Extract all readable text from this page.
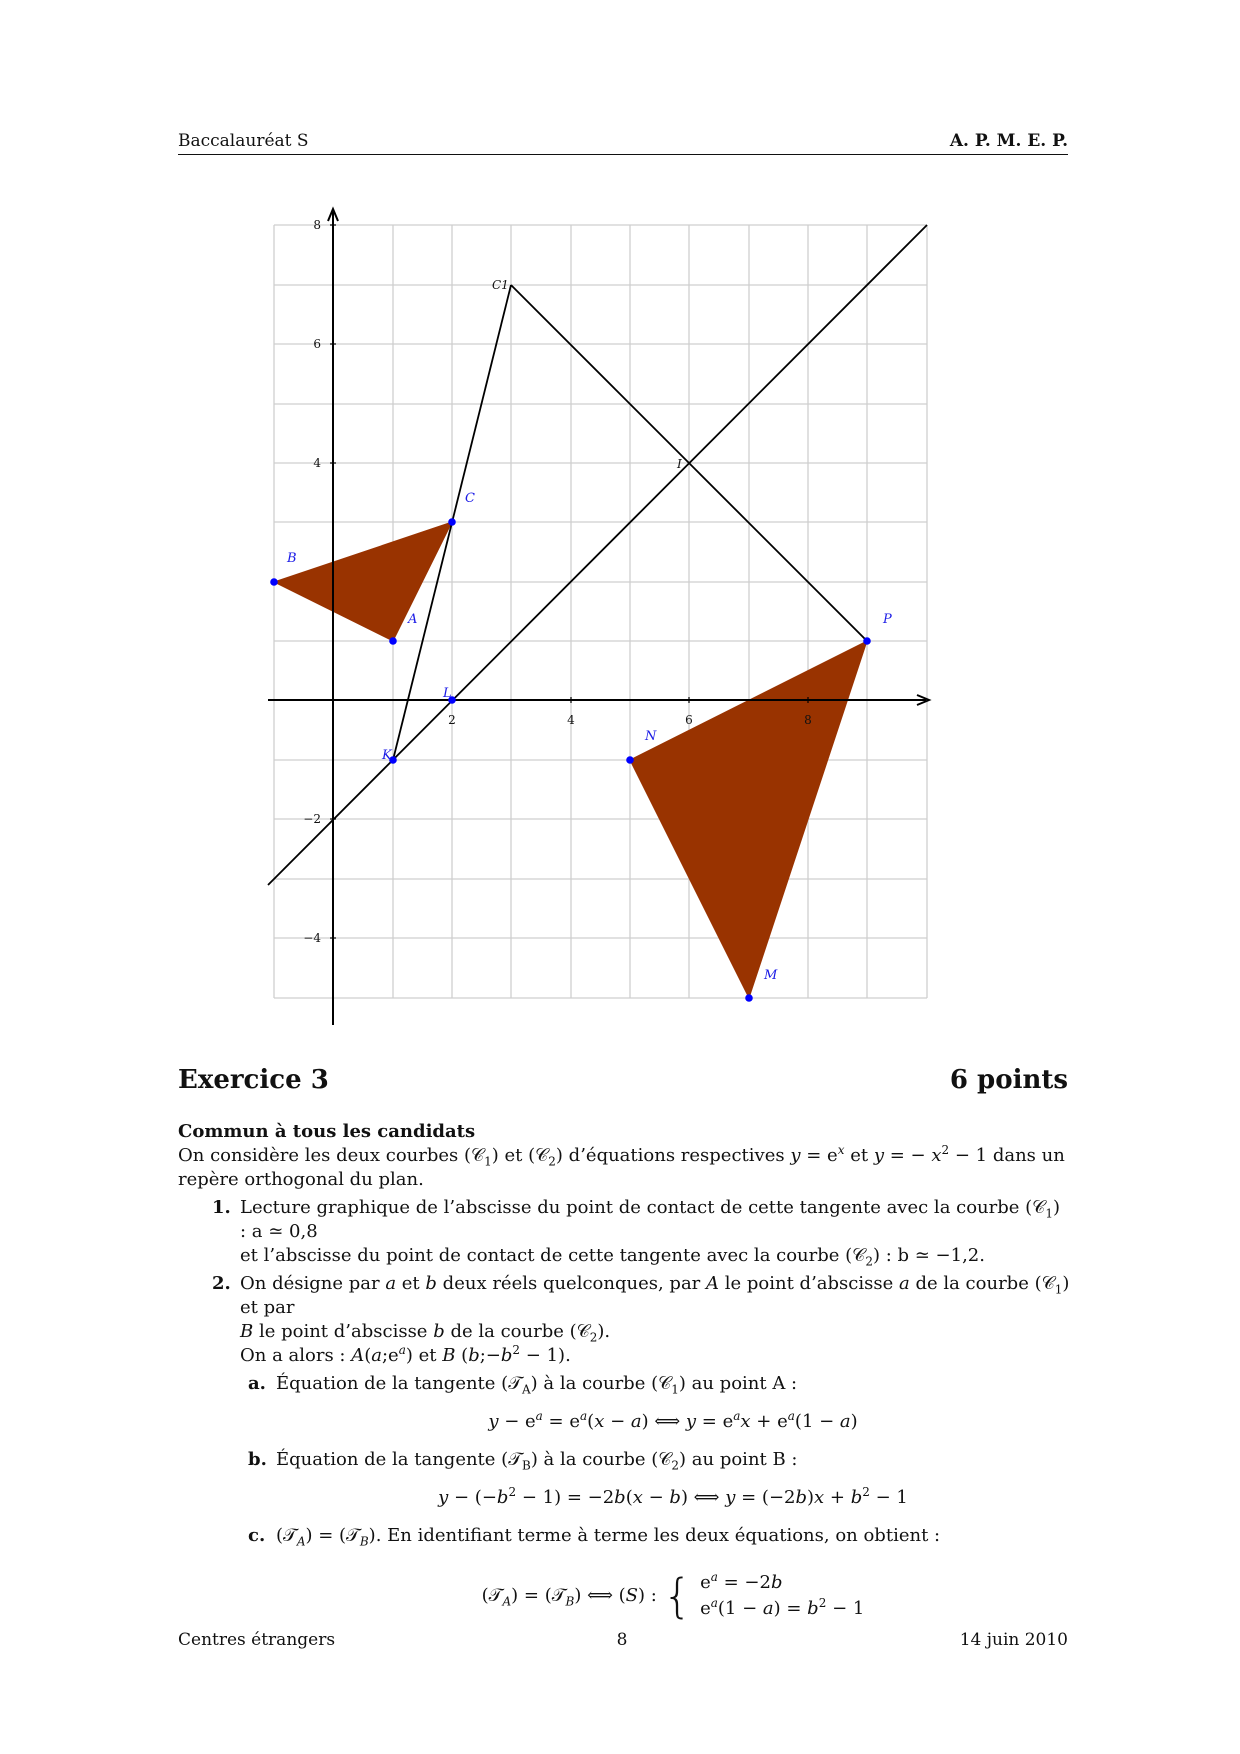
Baccalauréat S	A. P. M. E. P.
2	4	6	8
8
6
4
−2
−4
B
A
C
L
K
N
M
P
C1
I
Exercice 3	6 points

Commun à tous les candidats

On considère les deux courbes (𝒞$_1$) et (𝒞$_2$) d’équations respectives $y = e^x$ et y = − $x^2 - 1$ dans un repère orthogonal du plan.

1. Lecture graphique de l’abscisse du point de contact de cette tangente avec la courbe (𝒞$_1$) : a ≃ 0,8
et l’abscisse du point de contact de cette tangente avec la courbe (𝒞$_2$) : b ≃ −1,2.
2. On désigne par a et b deux réels quelconques, par A le point d’abscisse a de la courbe (𝒞$_1$) et par
B le point d’abscisse b de la courbe (𝒞$_2$).
On a alors : $A(a;e^a)$ et B $(b;-b^2 - 1)$.
a. Équation de la tangente (𝒯$_A$) à la courbe (𝒞$_1$) au point A :
$y - e^a = e^a(x - a)$ ⟺ $y = e^ax + e^a(1 - a)$
b. Équation de la tangente (𝒯$_B$) à la courbe (𝒞$_2$) au point B :
$y - (-b^2 - 1) = -2b(x - b)$ ⟺ $y = (-2b)x + b^2 - 1$
c. (𝒯$_A$) = (𝒯$_B$). En identifiant terme à terme les deux équations, on obtient :
(𝒯$_A$) = (𝒯$_B$) ⟺ (S) : { $e^a = -2b$
$e^a(1 - a) = b^2 - 1$
Centres étrangers	8	14 juin 2010
